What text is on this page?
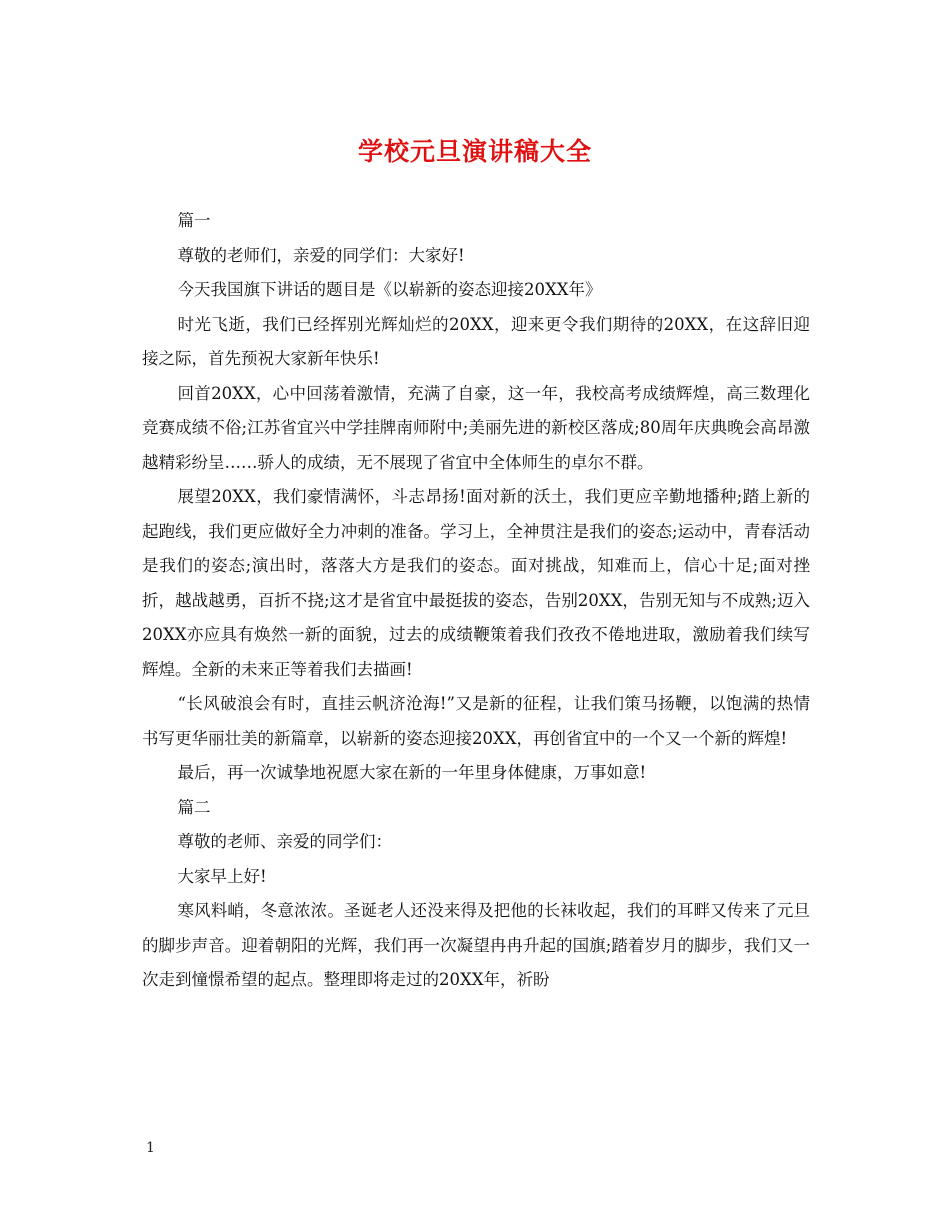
学校元旦演讲稿大全

篇一

尊敬的老师们，亲爱的同学们：大家好!

今天我国旗下讲话的题目是《以崭新的姿态迎接20XX年》

时光飞逝，我们已经挥别光辉灿烂的20XX，迎来更令我们期待的20XX，在这辞旧迎接之际，首先预祝大家新年快乐!

回首20XX，心中回荡着激情，充满了自豪，这一年，我校高考成绩辉煌，高三数理化竞赛成绩不俗;江苏省宜兴中学挂牌南师附中;美丽先进的新校区落成;80周年庆典晚会高昂激越精彩纷呈……骄人的成绩，无不展现了省宜中全体师生的卓尔不群。

展望20XX，我们豪情满怀，斗志昂扬!面对新的沃土，我们更应辛勤地播种;踏上新的起跑线，我们更应做好全力冲刺的准备。学习上，全神贯注是我们的姿态;运动中，青春活动是我们的姿态;演出时，落落大方是我们的姿态。面对挑战，知难而上，信心十足;面对挫折，越战越勇，百折不挠;这才是省宜中最挺拔的姿态，告别20XX，告别无知与不成熟;迈入20XX亦应具有焕然一新的面貌，过去的成绩鞭策着我们孜孜不倦地进取，激励着我们续写辉煌。全新的未来正等着我们去描画!

“长风破浪会有时，直挂云帆济沧海!”又是新的征程，让我们策马扬鞭，以饱满的热情书写更华丽壮美的新篇章，以崭新的姿态迎接20XX，再创省宜中的一个又一个新的辉煌!

最后，再一次诚挚地祝愿大家在新的一年里身体健康，万事如意!

篇二

尊敬的老师、亲爱的同学们：

大家早上好!

寒风料峭，冬意浓浓。圣诞老人还没来得及把他的长袜收起，我们的耳畔又传来了元旦的脚步声音。迎着朝阳的光辉，我们再一次凝望冉冉升起的国旗;踏着岁月的脚步，我们又一次走到憧憬希望的起点。整理即将走过的20XX年，祈盼

1
